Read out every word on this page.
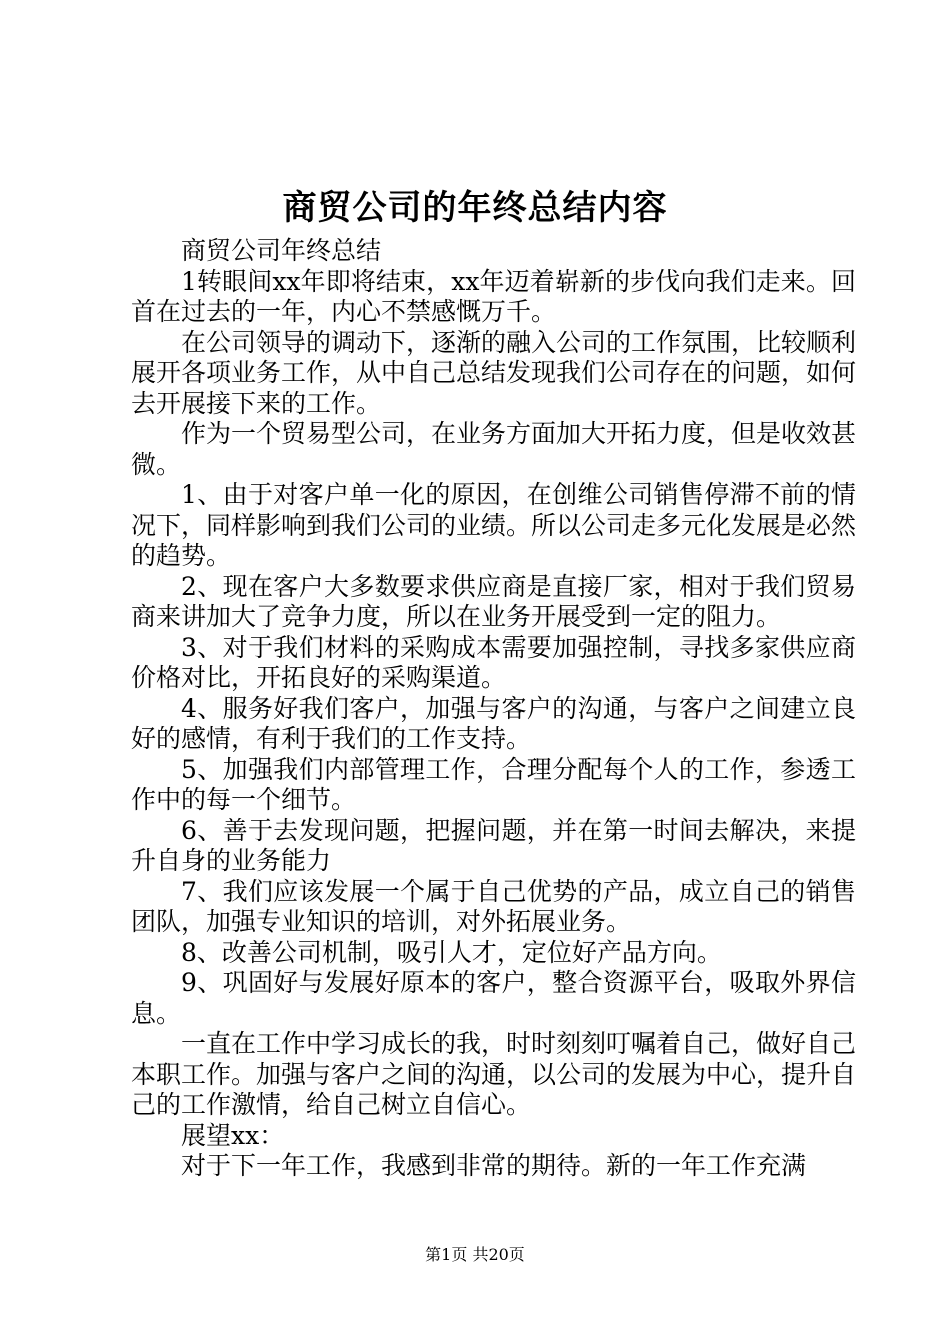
商贸公司的年终总结内容

商贸公司年终总结

1转眼间xx年即将结束，xx年迈着崭新的步伐向我们走来。回首在过去的一年，内心不禁感慨万千。

在公司领导的调动下，逐渐的融入公司的工作氛围，比较顺利展开各项业务工作，从中自己总结发现我们公司存在的问题，如何去开展接下来的工作。

作为一个贸易型公司，在业务方面加大开拓力度，但是收效甚微。

1、由于对客户单一化的原因，在创维公司销售停滞不前的情况下，同样影响到我们公司的业绩。所以公司走多元化发展是必然的趋势。

2、现在客户大多数要求供应商是直接厂家，相对于我们贸易商来讲加大了竞争力度，所以在业务开展受到一定的阻力。

3、对于我们材料的采购成本需要加强控制，寻找多家供应商价格对比，开拓良好的采购渠道。

4、服务好我们客户，加强与客户的沟通，与客户之间建立良好的感情，有利于我们的工作支持。

5、加强我们内部管理工作，合理分配每个人的工作，参透工作中的每一个细节。

6、善于去发现问题，把握问题，并在第一时间去解决，来提升自身的业务能力

7、我们应该发展一个属于自己优势的产品，成立自己的销售团队，加强专业知识的培训，对外拓展业务。

8、改善公司机制，吸引人才，定位好产品方向。

9、巩固好与发展好原本的客户，整合资源平台，吸取外界信息。

一直在工作中学习成长的我，时时刻刻叮嘱着自己，做好自己本职工作。加强与客户之间的沟通，以公司的发展为中心，提升自己的工作激情，给自己树立自信心。

展望xx：

对于下一年工作，我感到非常的期待。新的一年工作充满

第1页 共20页
